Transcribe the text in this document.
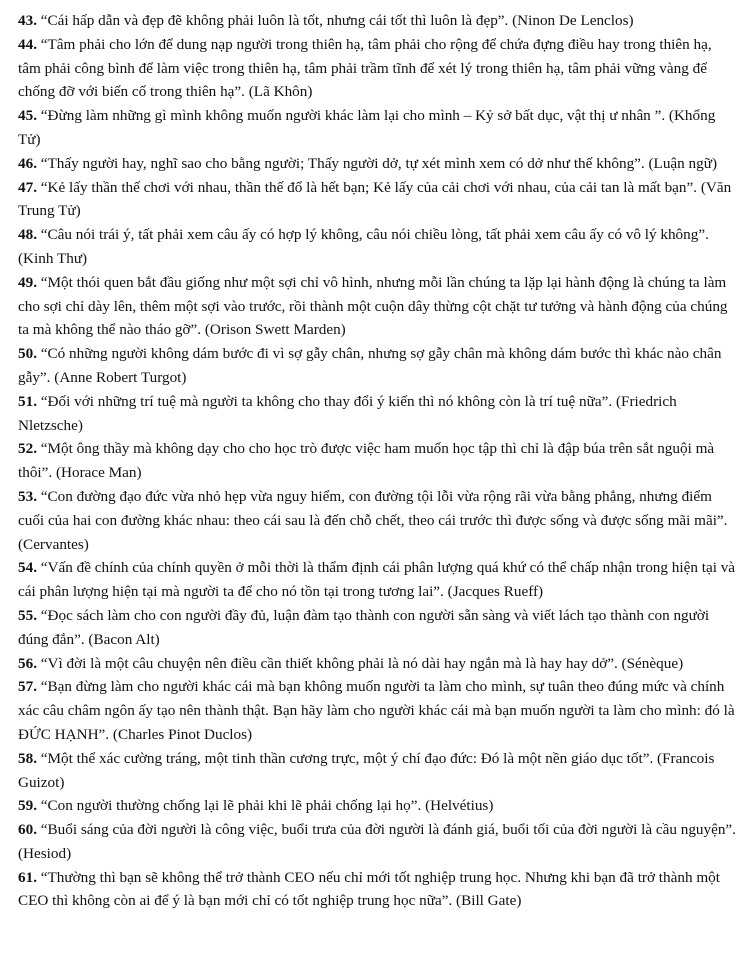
43. “Cái hấp dẫn và đẹp đẽ không phải luôn là tốt, nhưng cái tốt thì luôn là đẹp”. (Ninon De Lenclos)

44. “Tâm phải cho lớn để dung nạp người trong thiên hạ, tâm phải cho rộng để chứa đựng điều hay trong thiên hạ, tâm phải công bình để làm việc trong thiên hạ, tâm phải trầm tĩnh để xét lý trong thiên hạ, tâm phải vững vàng để chống đỡ với biến cố trong thiên hạ”. (Lã Khôn)

45. “Đừng làm những gì mình không muốn người khác làm lại cho mình – Kỷ sở bất dục, vật thị ư nhân ”. (Khổng Tử)

46. “Thấy người hay, nghĩ sao cho bằng người; Thấy người dở, tự xét mình xem có dở như thế không”. (Luận ngữ)

47. “Kẻ lấy thần thế chơi với nhau, thần thế đổ là hết bạn; Kẻ lấy của cải chơi với nhau, của cải tan là mất bạn”. (Văn Trung Tử)

48. “Câu nói trái ý, tất phải xem câu ấy có hợp lý không, câu nói chiều lòng, tất phải xem câu ấy có vô lý không”. (Kinh Thư)

49. “Một thói quen bắt đầu giống như một sợi chỉ vô hình, nhưng mỗi lần chúng ta lặp lại hành động là chúng ta làm cho sợi chỉ dày lên, thêm một sợi vào trước, rồi thành một cuộn dây thừng cột chặt tư tưởng và hành động của chúng ta mà không thể nào tháo gỡ”. (Orison Swett Marden)

50. “Có những người không dám bước đi vì sợ gẫy chân, nhưng sợ gẫy chân mà không dám bước thì khác nào chân gẫy”. (Anne Robert Turgot)

51. “Đối với những trí tuệ mà người ta không cho thay đổi ý kiến thì nó không còn là trí tuệ nữa”. (Friedrich Nletzsche)

52. “Một ông thầy mà không dạy cho cho học trò được việc ham muốn học tập thì chỉ là đập búa trên sắt nguội mà thôi”. (Horace Man)

53. “Con đường đạo đức vừa nhỏ hẹp vừa nguy hiểm, con đường tội lỗi vừa rộng rãi vừa bằng phẳng, nhưng điểm cuối của hai con đường khác nhau: theo cái sau là đến chỗ chết, theo cái trước thì được sống và được sống mãi mãi”. (Cervantes)

54. “Vấn đề chính của chính quyền ở mỗi thời là thẩm định cái phân lượng quá khứ có thể chấp nhận trong hiện tại và cái phân lượng hiện tại mà người ta để cho nó tồn tại trong tương lai”. (Jacques Rueff)

55. “Đọc sách làm cho con người đầy đủ, luận đàm tạo thành con người sẵn sàng và viết lách tạo thành con người đúng đắn”. (Bacon Alt)

56. “Vì đời là một câu chuyện nên điều cần thiết không phải là nó dài hay ngắn mà là hay hay dở”. (Sénèque)

57. “Bạn đừng làm cho người khác cái mà bạn không muốn người ta làm cho mình, sự tuân theo đúng mức và chính xác câu châm ngôn ấy tạo nên thành thật. Bạn hãy làm cho người khác cái mà bạn muốn người ta làm cho mình: đó là ĐỨC HẠNH”. (Charles Pinot Duclos)

58. “Một thể xác cường tráng, một tinh thần cương trực, một ý chí đạo đức: Đó là một nền giáo dục tốt”. (Francois Guizot)

59. “Con người thường chống lại lẽ phải khi lẽ phải chống lại họ”. (Helvétius)

60. “Buổi sáng của đời người là công việc, buổi trưa của đời người là đánh giá, buổi tối của đời người là cầu nguyện”. (Hesiod)

61. “Thường thì bạn sẽ không thể trở thành CEO nếu chỉ mới tốt nghiệp trung học. Nhưng khi bạn đã trở thành một CEO thì không còn ai để ý là bạn mới chỉ có tốt nghiệp trung học nữa”. (Bill Gate)
